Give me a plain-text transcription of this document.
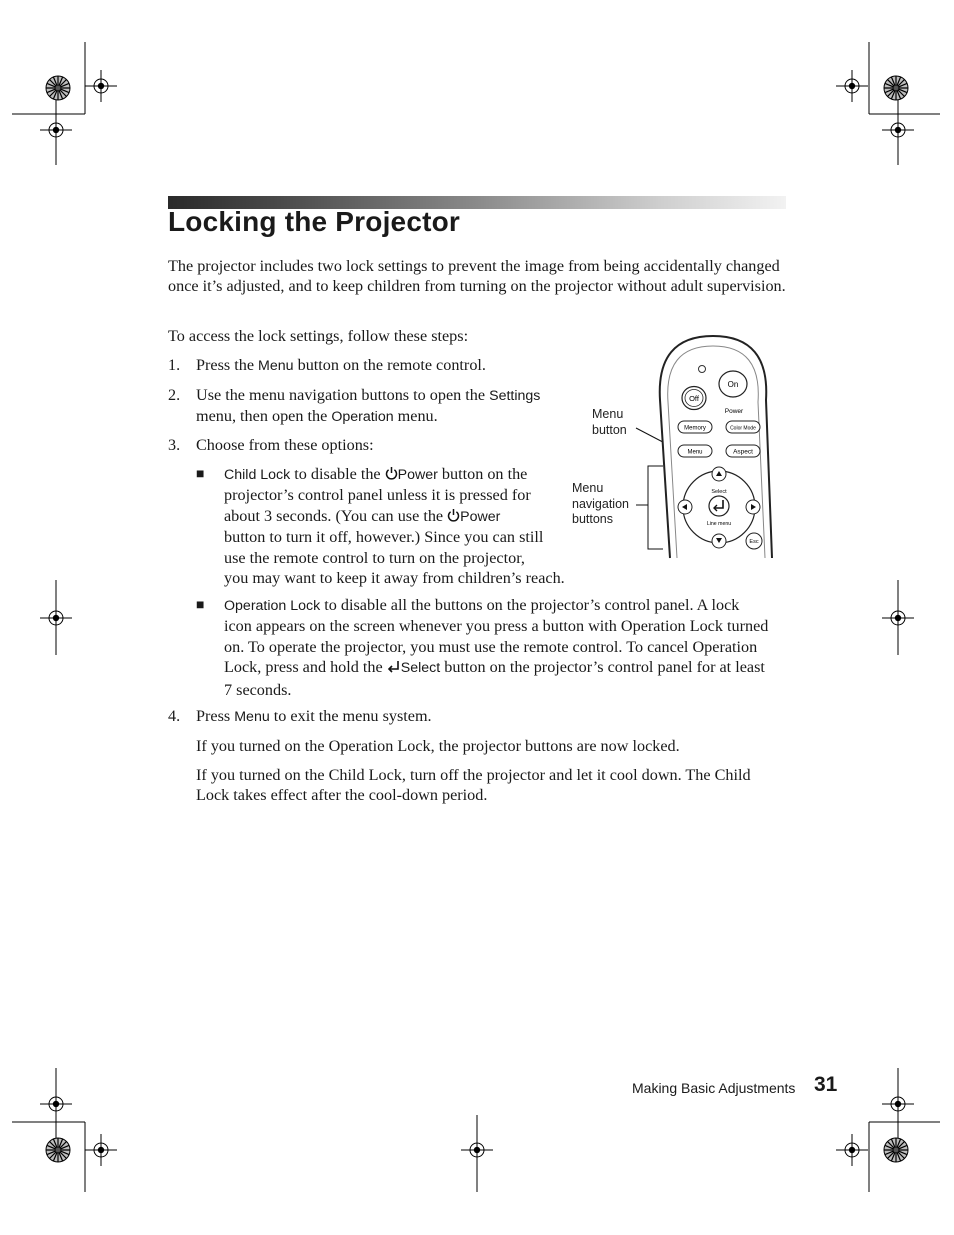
Locking the Projector
The projector includes two lock settings to prevent the image from being accidentally changed once it’s adjusted, and to keep children from turning on the projector without adult supervision.
To access the lock settings, follow these steps:
1. Press the Menu button on the remote control.
2. Use the menu navigation buttons to open the Settings
menu, then open the Operation menu.
3. Choose from these options:
■ Child Lock to disable the Power button on the
projector’s control panel unless it is pressed for
about 3 seconds. (You can use the Power
button to turn it off, however.) Since you can still
use the remote control to turn on the projector,
you may want to keep it away from children’s reach.
■ Operation Lock to disable all the buttons on the projector’s control panel. A lock
icon appears on the screen whenever you press a button with Operation Lock turned
on. To operate the projector, you must use the remote control. To cancel Operation
Lock, press and hold the Select button on the projector’s control panel for at least
7 seconds.
4. Press Menu to exit the menu system.
If you turned on the Operation Lock, the projector buttons are now locked.
If you turned on the Child Lock, turn off the projector and let it cool down. The Child
Lock takes effect after the cool-down period.
On
Off
Power
Memory	Color Mode
Menu	Aspect
Select
Line menu
Esc
Menu
button
Menu
navigation
buttons
Making Basic Adjustments 31
